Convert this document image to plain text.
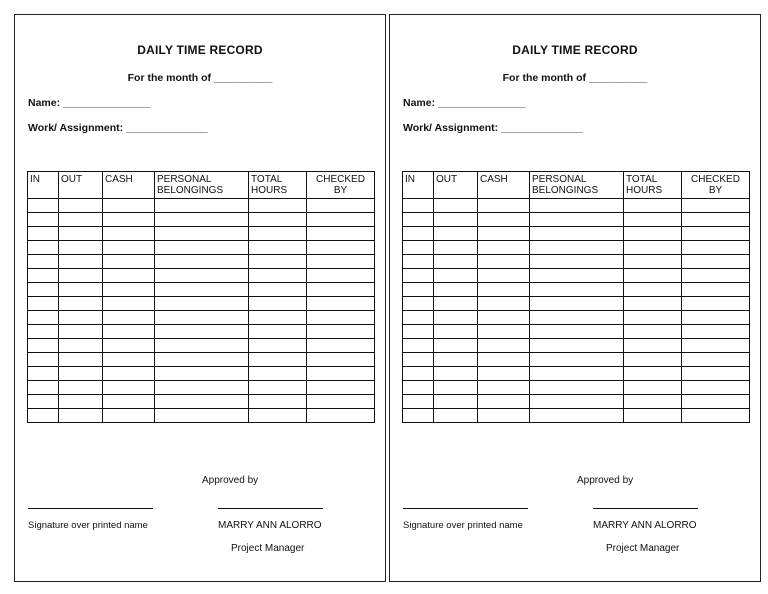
DAILY TIME RECORD
For the month of __________
Name: _______________
Work/ Assignment: ______________
IN	OUT	CASH	PERSONAL BELONGINGS	TOTAL HOURS	CHECKED BY

Approved by
Signature over printed name	MARRY ANN ALORRO
Project Manager
DAILY TIME RECORD
For the month of __________
Name: _______________
Work/ Assignment: ______________
IN	OUT	CASH	PERSONAL BELONGINGS	TOTAL HOURS	CHECKED BY

Approved by
Signature over printed name	MARRY ANN ALORRO
Project Manager
